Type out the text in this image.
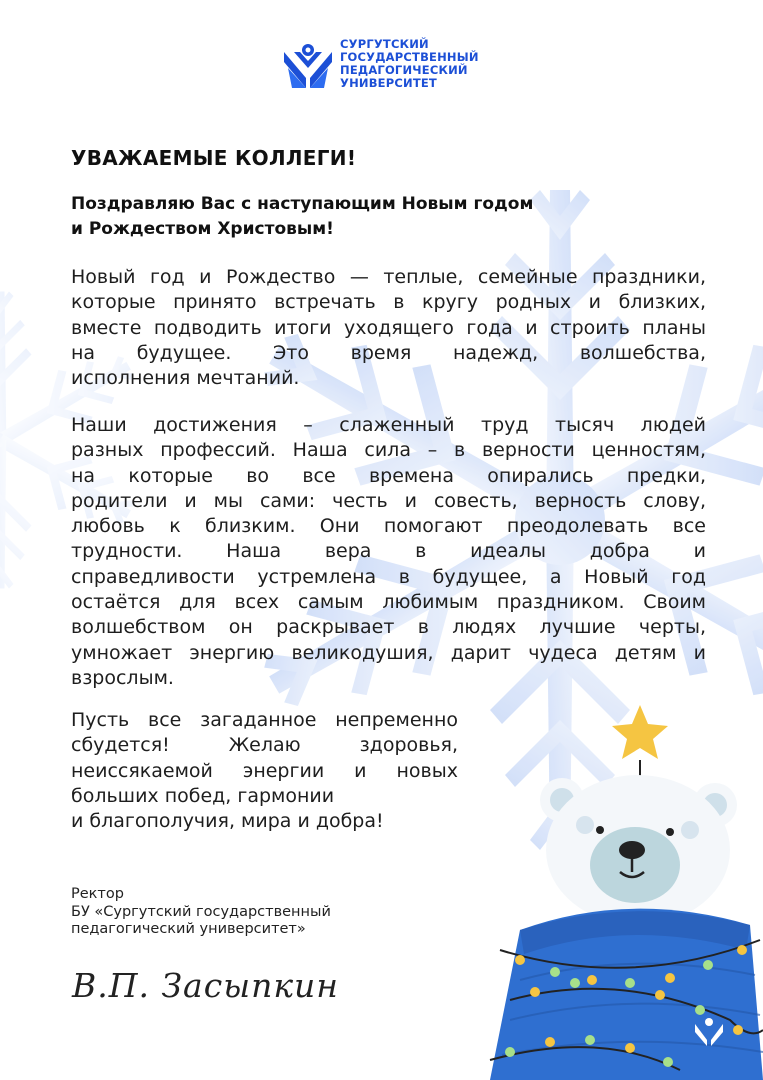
СУРГУТСКИЙ
ГОСУДАРСТВЕННЫЙ
ПЕДАГОГИЧЕСКИЙ
УНИВЕРСИТЕТ
УВАЖАЕМЫЕ КОЛЛЕГИ!
Поздравляю Вас с наступающим Новым годом
и Рождеством Христовым!
Новый год и Рождество — теплые, семейные праздники,
которые принято встречать в кругу родных и близких,
вместе подводить итоги уходящего года и строить планы
на будущее. Это время надежд, волшебства,
исполнения мечтаний.
Наши достижения – слаженный труд тысяч людей
разных профессий. Наша сила – в верности ценностям,
на которые во все времена опирались предки,
родители и мы сами: честь и совесть, верность слову,
любовь к близким. Они помогают преодолевать все
трудности. Наша вера в идеалы добра и
справедливости устремлена в будущее, а Новый год
остаётся для всех самым любимым праздником. Своим
волшебством он раскрывает в людях лучшие черты,
умножает энергию великодушия, дарит чудеса детям и
взрослым.
Пусть все загаданное непременно
сбудется! Желаю здоровья,
неиссякаемой энергии и новых
больших побед, гармонии
и благополучия, мира и добра!
Ректор
БУ «Сургутский государственный
педагогический университет»
В.П. Засыпкин
